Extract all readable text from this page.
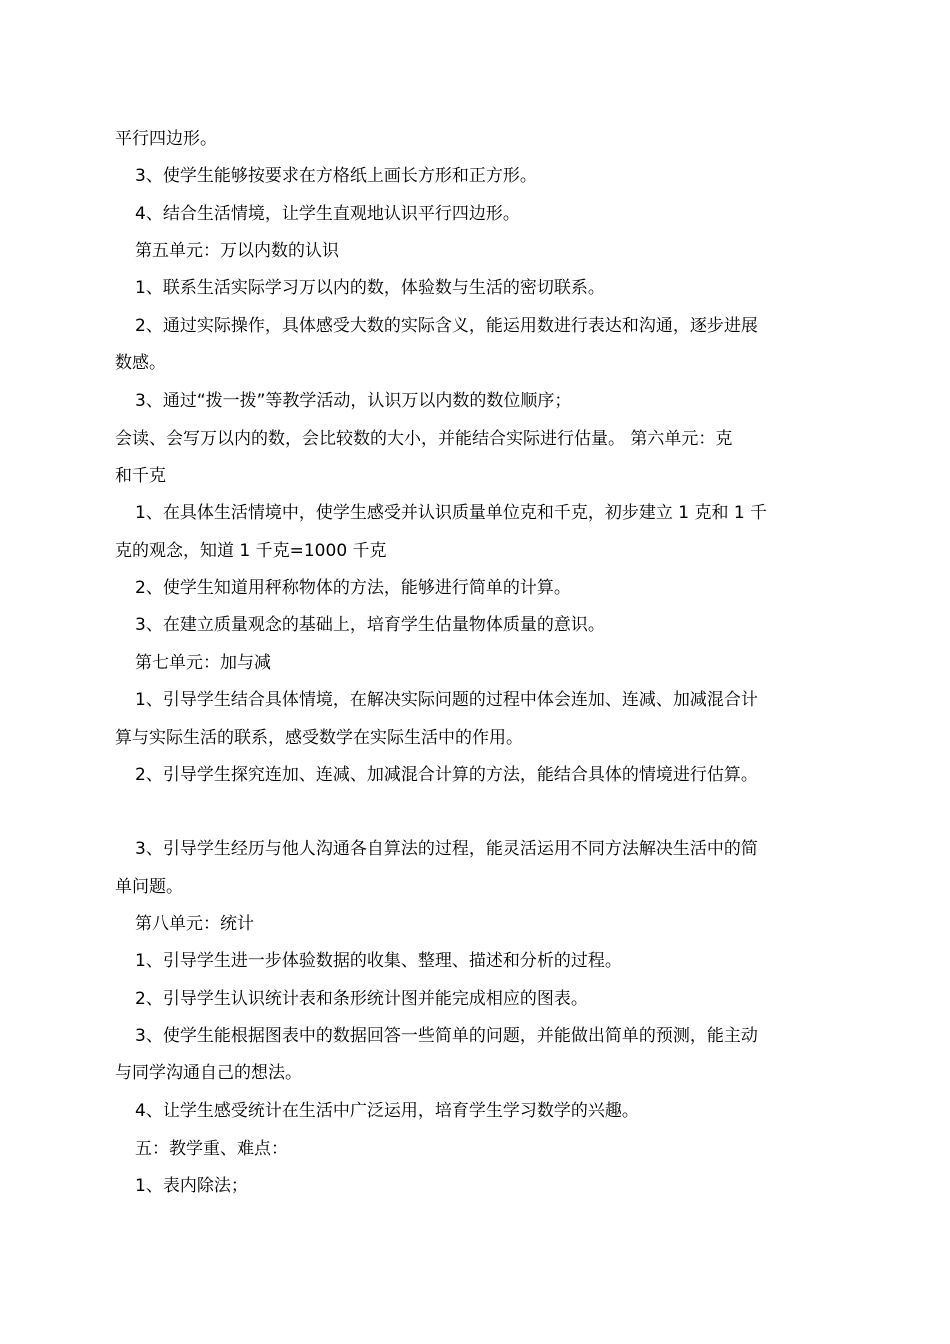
平行四边形。
3、使学生能够按要求在方格纸上画长方形和正方形。
4、结合生活情境，让学生直观地认识平行四边形。
第五单元：万以内数的认识
1、联系生活实际学习万以内的数，体验数与生活的密切联系。
2、通过实际操作，具体感受大数的实际含义，能运用数进行表达和沟通，逐步进展
数感。
3、通过“拨一拨”等教学活动，认识万以内数的数位顺序；
会读、会写万以内的数，会比较数的大小，并能结合实际进行估量。 第六单元：克
和千克
1、在具体生活情境中，使学生感受并认识质量单位克和千克，初步建立 1 克和 1 千
克的观念，知道 1 千克=1000 千克
2、使学生知道用秤称物体的方法，能够进行简单的计算。
3、在建立质量观念的基础上，培育学生估量物体质量的意识。
第七单元：加与减
1、引导学生结合具体情境，在解决实际问题的过程中体会连加、连减、加减混合计
算与实际生活的联系，感受数学在实际生活中的作用。
2、引导学生探究连加、连减、加减混合计算的方法，能结合具体的情境进行估算。
3、引导学生经历与他人沟通各自算法的过程，能灵活运用不同方法解决生活中的简
单问题。
第八单元：统计
1、引导学生进一步体验数据的收集、整理、描述和分析的过程。
2、引导学生认识统计表和条形统计图并能完成相应的图表。
3、使学生能根据图表中的数据回答一些简单的问题，并能做出简单的预测，能主动
与同学沟通自己的想法。
4、让学生感受统计在生活中广泛运用，培育学生学习数学的兴趣。
五：教学重、难点：
1、表内除法；
